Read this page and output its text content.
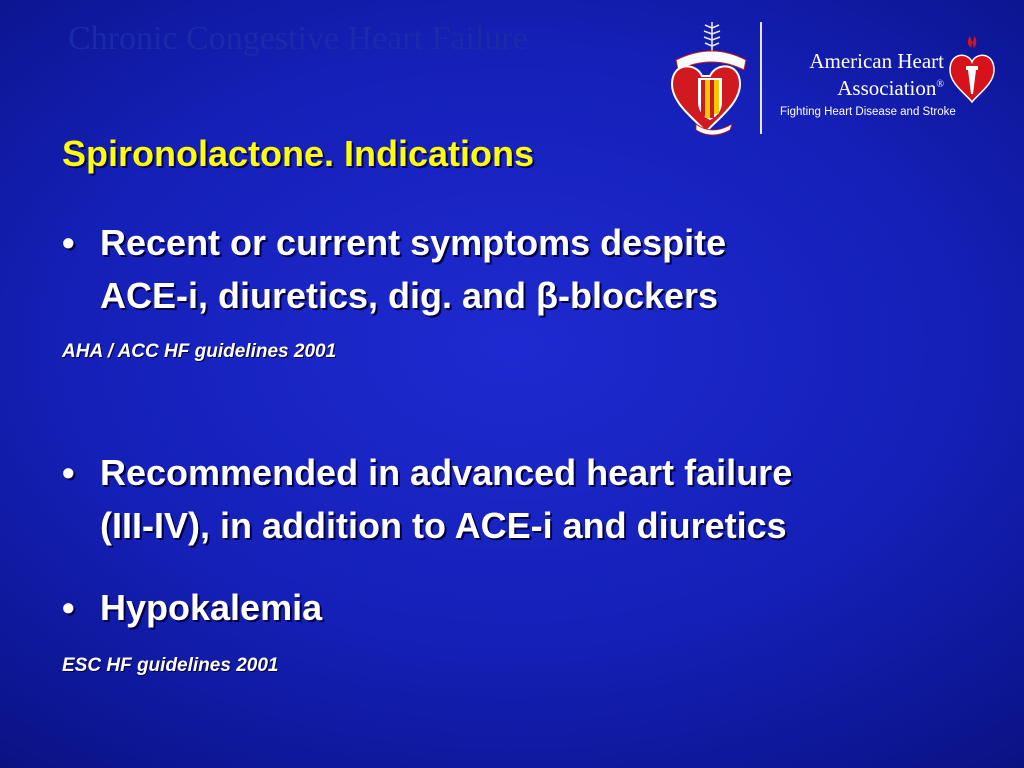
Chronic Congestive Heart Failure
American Heart
Association®
Fighting Heart Disease and Stroke
Spironolactone. Indications
• Recent or current symptoms despite
ACE-i, diuretics, dig. and β-blockers
AHA / ACC HF guidelines 2001
• Recommended in advanced heart failure
(III-IV), in addition to ACE-i and diuretics
• Hypokalemia
ESC HF guidelines 2001
